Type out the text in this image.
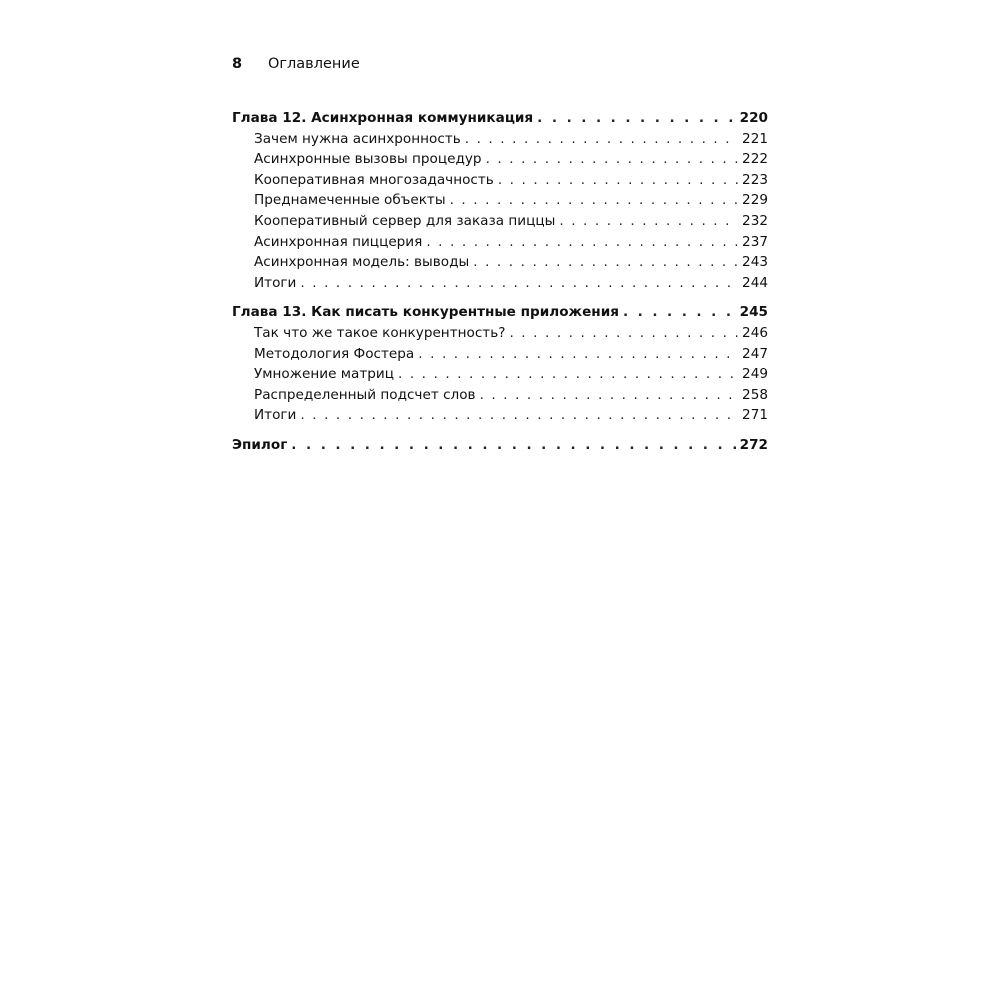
8	Оглавление
Глава 12. Асинхронная коммуникация . . .	220
Зачем нужна асинхронность . . .	221
Асинхронные вызовы процедур . . .	222
Кооперативная многозадачность . . .	223
Преднамеченные объекты . . .	229
Кооперативный сервер для заказа пиццы . . .	232
Асинхронная пиццерия . . .	237
Асинхронная модель: выводы . . .	243
Итоги . . .	244
Глава 13. Как писать конкурентные приложения . . .	245
Так что же такое конкурентность? . . .	246
Методология Фостера . . .	247
Умножение матриц . . .	249
Распределенный подсчет слов . . .	258
Итоги . . .	271
Эпилог . . .	272
